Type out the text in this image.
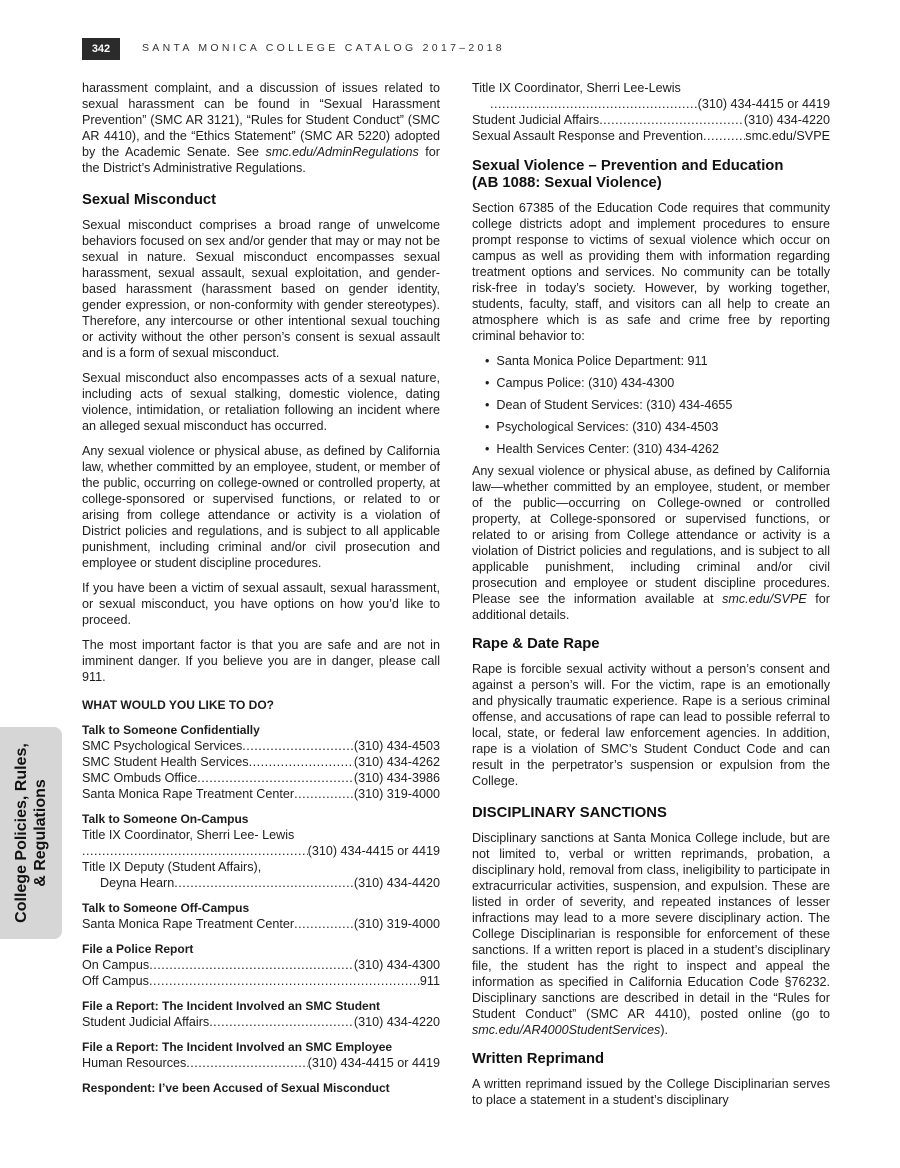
342	SANTA MONICA COLLEGE CATALOG 2017–2018
College Policies, Rules, & Regulations

harassment complaint, and a discussion of issues related to sexual harassment can be found in “Sexual Harassment Prevention” (SMC AR 3121), “Rules for Student Conduct” (SMC AR 4410), and the “Ethics Statement” (SMC AR 5220) adopted by the Academic Senate. See smc.edu/AdminRegulations for the District’s Administrative Regulations.

Sexual Misconduct

Sexual misconduct comprises a broad range of unwelcome behaviors focused on sex and/or gender that may or may not be sexual in nature. Sexual misconduct encompasses sexual harassment, sexual assault, sexual exploitation, and gender-based harassment (harassment based on gender identity, gender expression, or non-conformity with gender stereotypes). Therefore, any intercourse or other intentional sexual touching or activity without the other person’s consent is sexual assault and is a form of sexual misconduct.

Sexual misconduct also encompasses acts of a sexual nature, including acts of sexual stalking, domestic violence, dating violence, intimidation, or retaliation following an incident where an alleged sexual misconduct has occurred.

Any sexual violence or physical abuse, as defined by California law, whether committed by an employee, student, or member of the public, occurring on college-owned or controlled property, at college-sponsored or supervised functions, or related to or arising from college attendance or activity is a violation of District policies and regulations, and is subject to all applicable punishment, including criminal and/or civil prosecution and employee or student discipline procedures.

If you have been a victim of sexual assault, sexual harassment, or sexual misconduct, you have options on how you’d like to proceed.

The most important factor is that you are safe and are not in imminent danger. If you believe you are in danger, please call 911.

WHAT WOULD YOU LIKE TO DO?
Talk to Someone Confidentially
SMC Psychological Services .....	(310) 434-4503
SMC Student Health Services .....	(310) 434-4262
SMC Ombuds Office .....	(310) 434-3986
Santa Monica Rape Treatment Center .....	(310) 319-4000
Talk to Someone On-Campus
Title IX Coordinator, Sherri Lee- Lewis
.....
(310) 434-4415 or 4419
Title IX Deputy (Student Affairs),
Deyna Hearn .....	(310) 434-4420
Talk to Someone Off-Campus
Santa Monica Rape Treatment Center .....	(310) 319-4000
File a Police Report
On Campus .....	(310) 434-4300
Off Campus .....	911
File a Report: The Incident Involved an SMC Student
Student Judicial Affairs .....	(310) 434-4220
File a Report: The Incident Involved an SMC Employee
Human Resources .....	(310) 434-4415 or 4419
Respondent: I’ve been Accused of Sexual Misconduct
Title IX Coordinator, Sherri Lee-Lewis
.....
(310) 434-4415 or 4419
Student Judicial Affairs .....	(310) 434-4220
Sexual Assault Response and Prevention .....	smc.edu/SVPE
Sexual Violence – Prevention and Education
(AB 1088: Sexual Violence)

Section 67385 of the Education Code requires that community college districts adopt and implement procedures to ensure prompt response to victims of sexual violence which occur on campus as well as providing them with information regarding treatment options and services. No community can be totally risk-free in today’s society. However, by working together, students, faculty, staff, and visitors can all help to create an atmosphere which is as safe and crime free by reporting criminal behavior to:

• Santa Monica Police Department: 911
• Campus Police: (310) 434-4300
• Dean of Student Services: (310) 434-4655
• Psychological Services: (310) 434-4503
• Health Services Center: (310) 434-4262

Any sexual violence or physical abuse, as defined by California law—whether committed by an employee, student, or member of the public—occurring on College-owned or controlled property, at College-sponsored or supervised functions, or related to or arising from College attendance or activity is a violation of District policies and regulations, and is subject to all applicable punishment, including criminal and/or civil prosecution and employee or student discipline procedures. Please see the information available at smc.edu/SVPE for additional details.

Rape & Date Rape

Rape is forcible sexual activity without a person’s consent and against a person’s will. For the victim, rape is an emotionally and physically traumatic experience. Rape is a serious criminal offense, and accusations of rape can lead to possible referral to local, state, or federal law enforcement agencies. In addition, rape is a violation of SMC’s Student Conduct Code and can result in the perpetrator’s suspension or expulsion from the College.

DISCIPLINARY SANCTIONS

Disciplinary sanctions at Santa Monica College include, but are not limited to, verbal or written reprimands, probation, a disciplinary hold, removal from class, ineligibility to participate in extracurricular activities, suspension, and expulsion. These are listed in order of severity, and repeated instances of lesser infractions may lead to a more severe disciplinary action. The College Disciplinarian is responsible for enforcement of these sanctions. If a written report is placed in a student’s disciplinary file, the student has the right to inspect and appeal the information as specified in California Education Code §76232. Disciplinary sanctions are described in detail in the “Rules for Student Conduct” (SMC AR 4410), posted online (go to smc.edu/AR4000StudentServices).

Written Reprimand

A written reprimand issued by the College Disciplinarian serves to place a statement in a student’s disciplinary
